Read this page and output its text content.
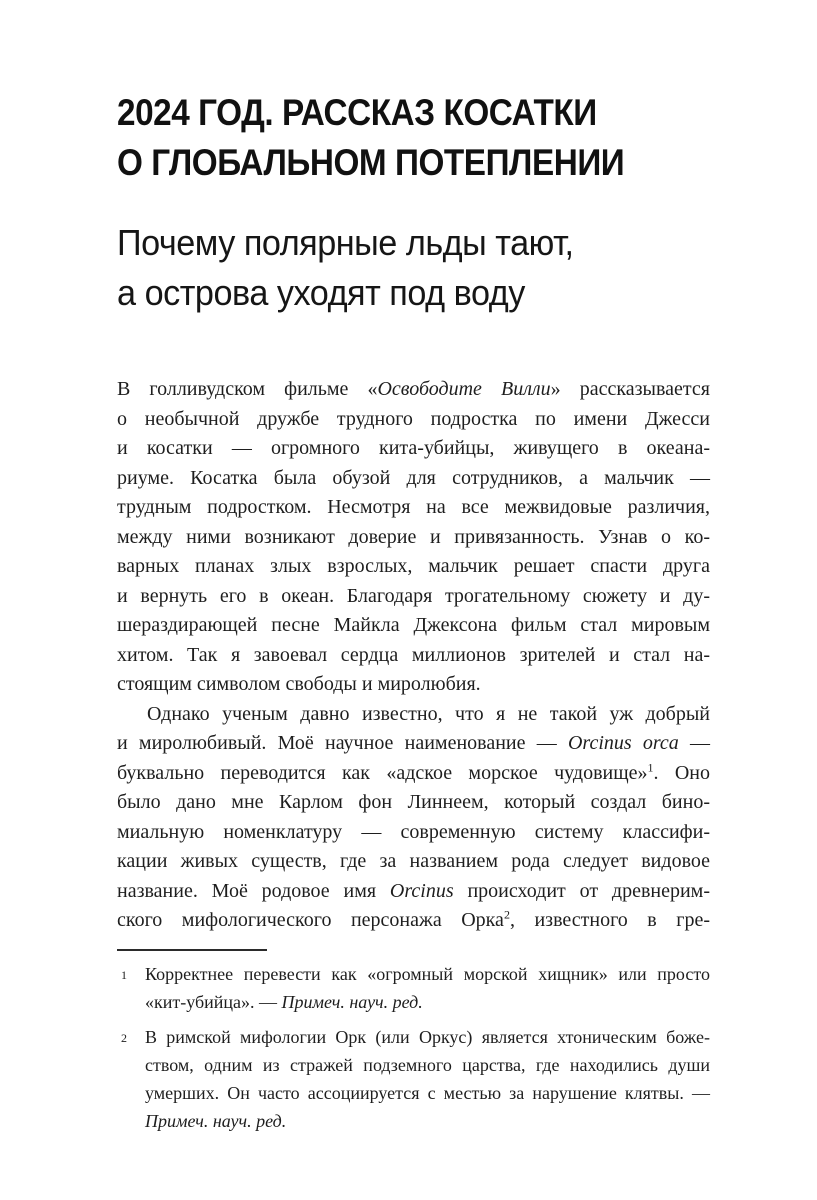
2024 ГОД. РАССКАЗ КОСАТКИ
О ГЛОБАЛЬНОМ ПОТЕПЛЕНИИ
Почему полярные льды тают,
а острова уходят под воду
В голливудском фильме «Освободите Вилли» рассказывается
о необычной дружбе трудного подростка по имени Джесси
и косатки — огромного кита-убийцы, живущего в океана-
риуме. Косатка была обузой для сотрудников, а мальчик —
трудным подростком. Несмотря на все межвидовые различия,
между ними возникают доверие и привязанность. Узнав о ко-
варных планах злых взрослых, мальчик решает спасти друга
и вернуть его в океан. Благодаря трогательному сюжету и ду-
шераздирающей песне Майкла Джексона фильм стал мировым
хитом. Так я завоевал сердца миллионов зрителей и стал на-
стоящим символом свободы и миролюбия.
Однако ученым давно известно, что я не такой уж добрый
и миролюбивый. Моё научное наименование — Orcinus orca —
буквально переводится как «адское морское чудовище»$^1$. Оно
было дано мне Карлом фон Линнеем, который создал бино-
миальную номенклатуру — современную систему классифи-
кации живых существ, где за названием рода следует видовое
название. Моё родовое имя Orcinus происходит от древнерим-
ского мифологического персонажа Орка$^2$, известного в гре-
1 Корректнее перевести как «огромный морской хищник» или просто
«кит-убийца». — Примеч. науч. ред.
2 В римской мифологии Орк (или Оркус) является хтоническим боже-
ством, одним из стражей подземного царства, где находились души
умерших. Он часто ассоциируется с местью за нарушение клятвы. —
Примеч. науч. ред.
